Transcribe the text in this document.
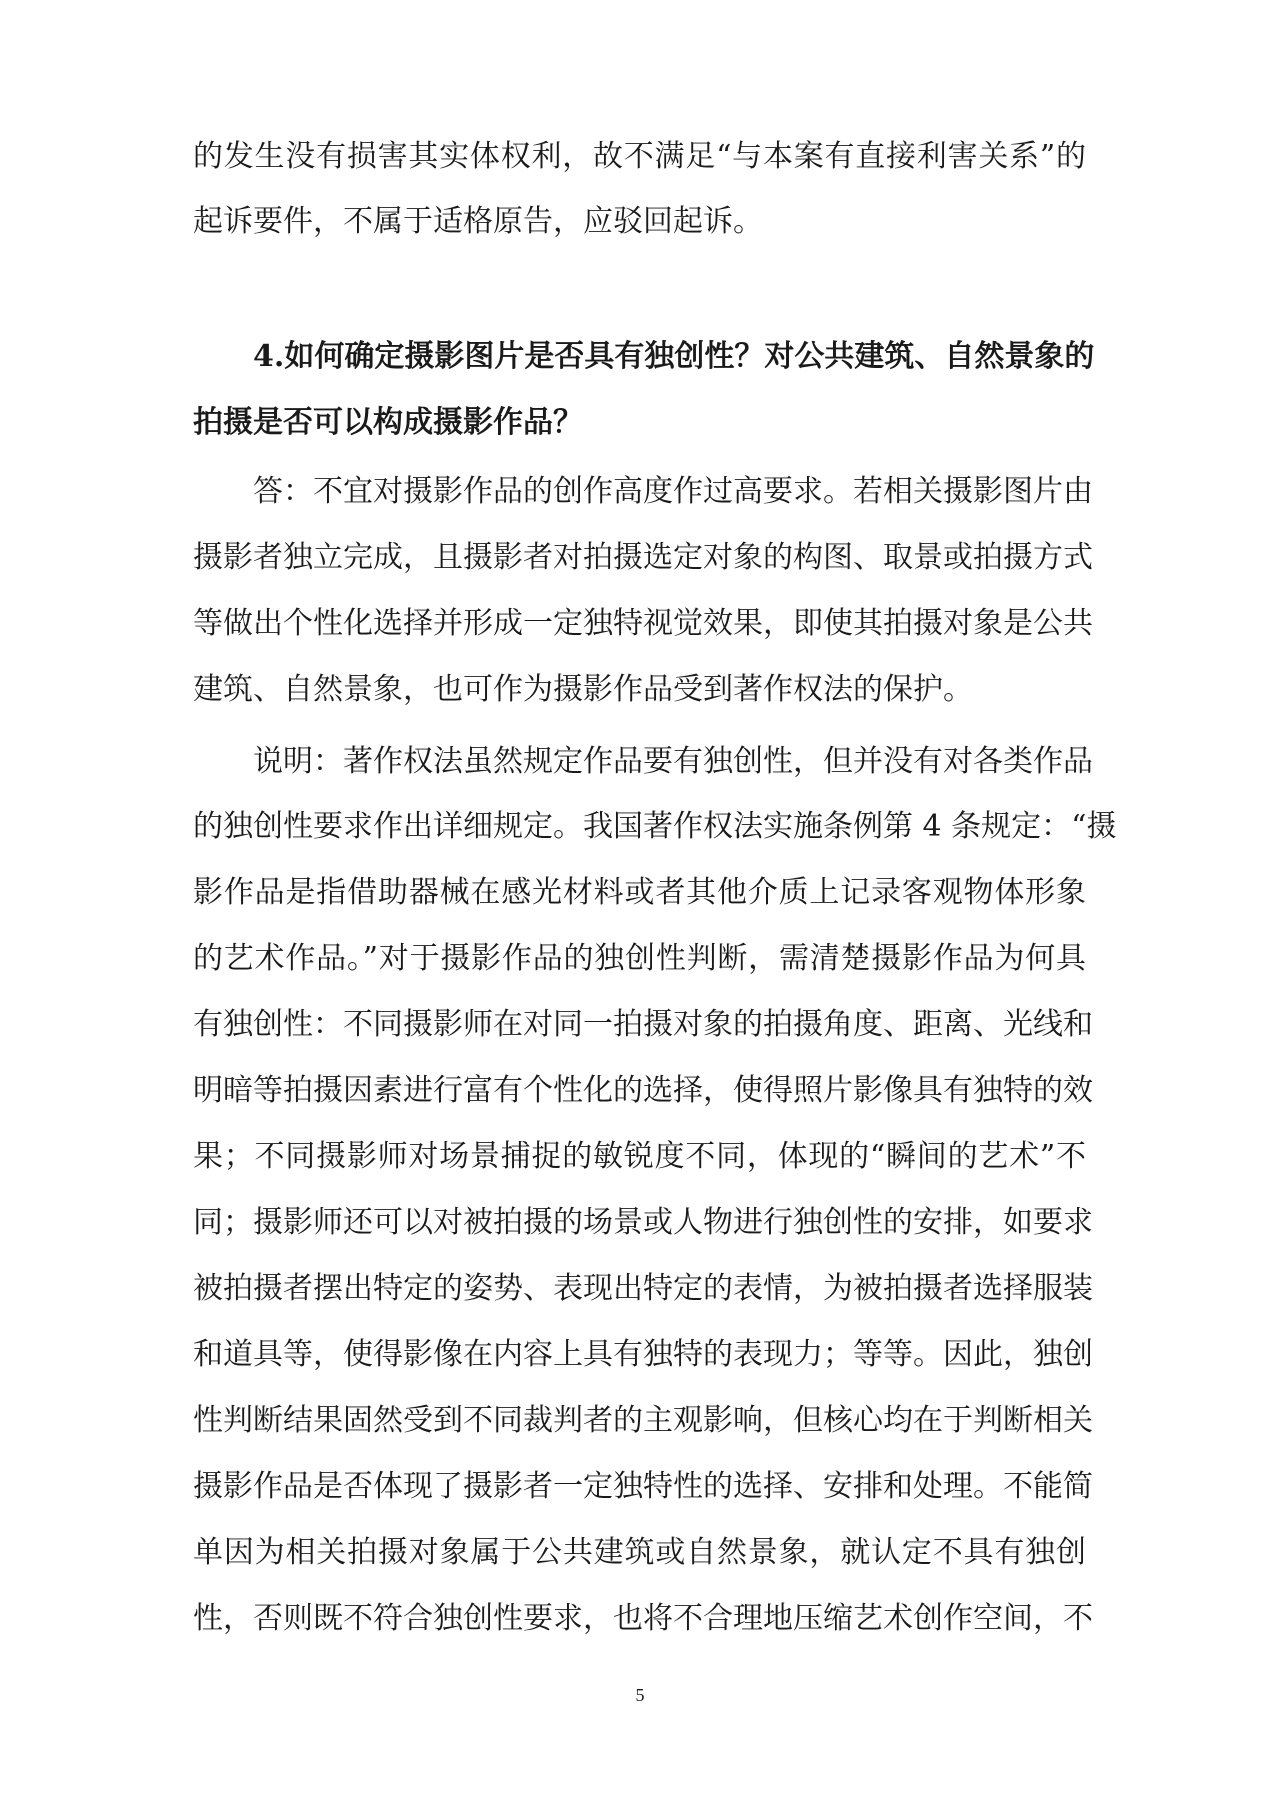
的发生没有损害其实体权利，故不满足“与本案有直接利害关系”的
起诉要件，不属于适格原告，应驳回起诉。
4.如何确定摄影图片是否具有独创性？对公共建筑、自然景象的
拍摄是否可以构成摄影作品？
答：不宜对摄影作品的创作高度作过高要求。若相关摄影图片由
摄影者独立完成，且摄影者对拍摄选定对象的构图、取景或拍摄方式
等做出个性化选择并形成一定独特视觉效果，即使其拍摄对象是公共
建筑、自然景象，也可作为摄影作品受到著作权法的保护。
说明：著作权法虽然规定作品要有独创性，但并没有对各类作品
的独创性要求作出详细规定。我国著作权法实施条例第 4 条规定：“摄
影作品是指借助器械在感光材料或者其他介质上记录客观物体形象
的艺术作品。”对于摄影作品的独创性判断，需清楚摄影作品为何具
有独创性：不同摄影师在对同一拍摄对象的拍摄角度、距离、光线和
明暗等拍摄因素进行富有个性化的选择，使得照片影像具有独特的效
果；不同摄影师对场景捕捉的敏锐度不同，体现的“瞬间的艺术”不
同；摄影师还可以对被拍摄的场景或人物进行独创性的安排，如要求
被拍摄者摆出特定的姿势、表现出特定的表情，为被拍摄者选择服装
和道具等，使得影像在内容上具有独特的表现力；等等。因此，独创
性判断结果固然受到不同裁判者的主观影响，但核心均在于判断相关
摄影作品是否体现了摄影者一定独特性的选择、安排和处理。不能简
单因为相关拍摄对象属于公共建筑或自然景象，就认定不具有独创
性，否则既不符合独创性要求，也将不合理地压缩艺术创作空间，不
5
